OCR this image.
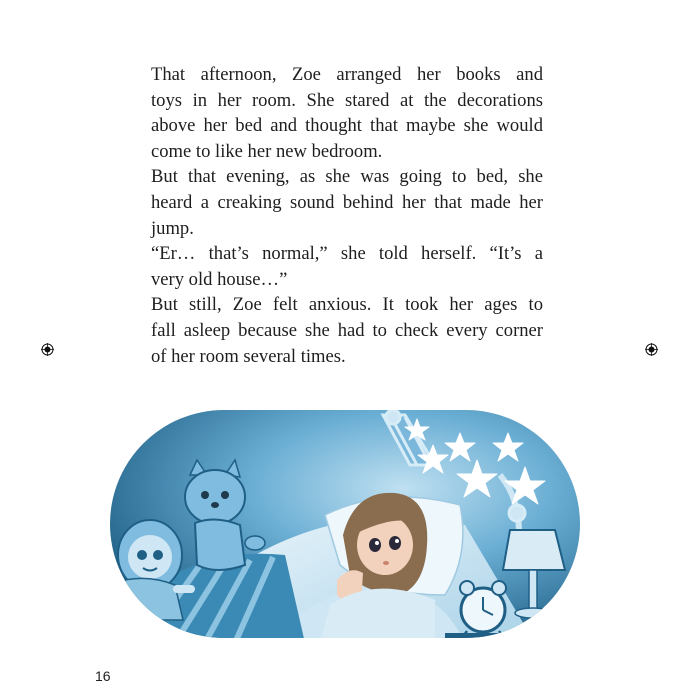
That afternoon, Zoe arranged her books and
toys in her room. She stared at the decorations
above her bed and thought that maybe she would
come to like her new bedroom.

But that evening, as she was going to bed, she
heard a creaking sound behind her that made her
jump.

“Er… that’s normal,” she told herself. “It’s a
very old house…”

But still, Zoe felt anxious. It took her ages to
fall asleep because she had to check every corner
of her room several times.

16
